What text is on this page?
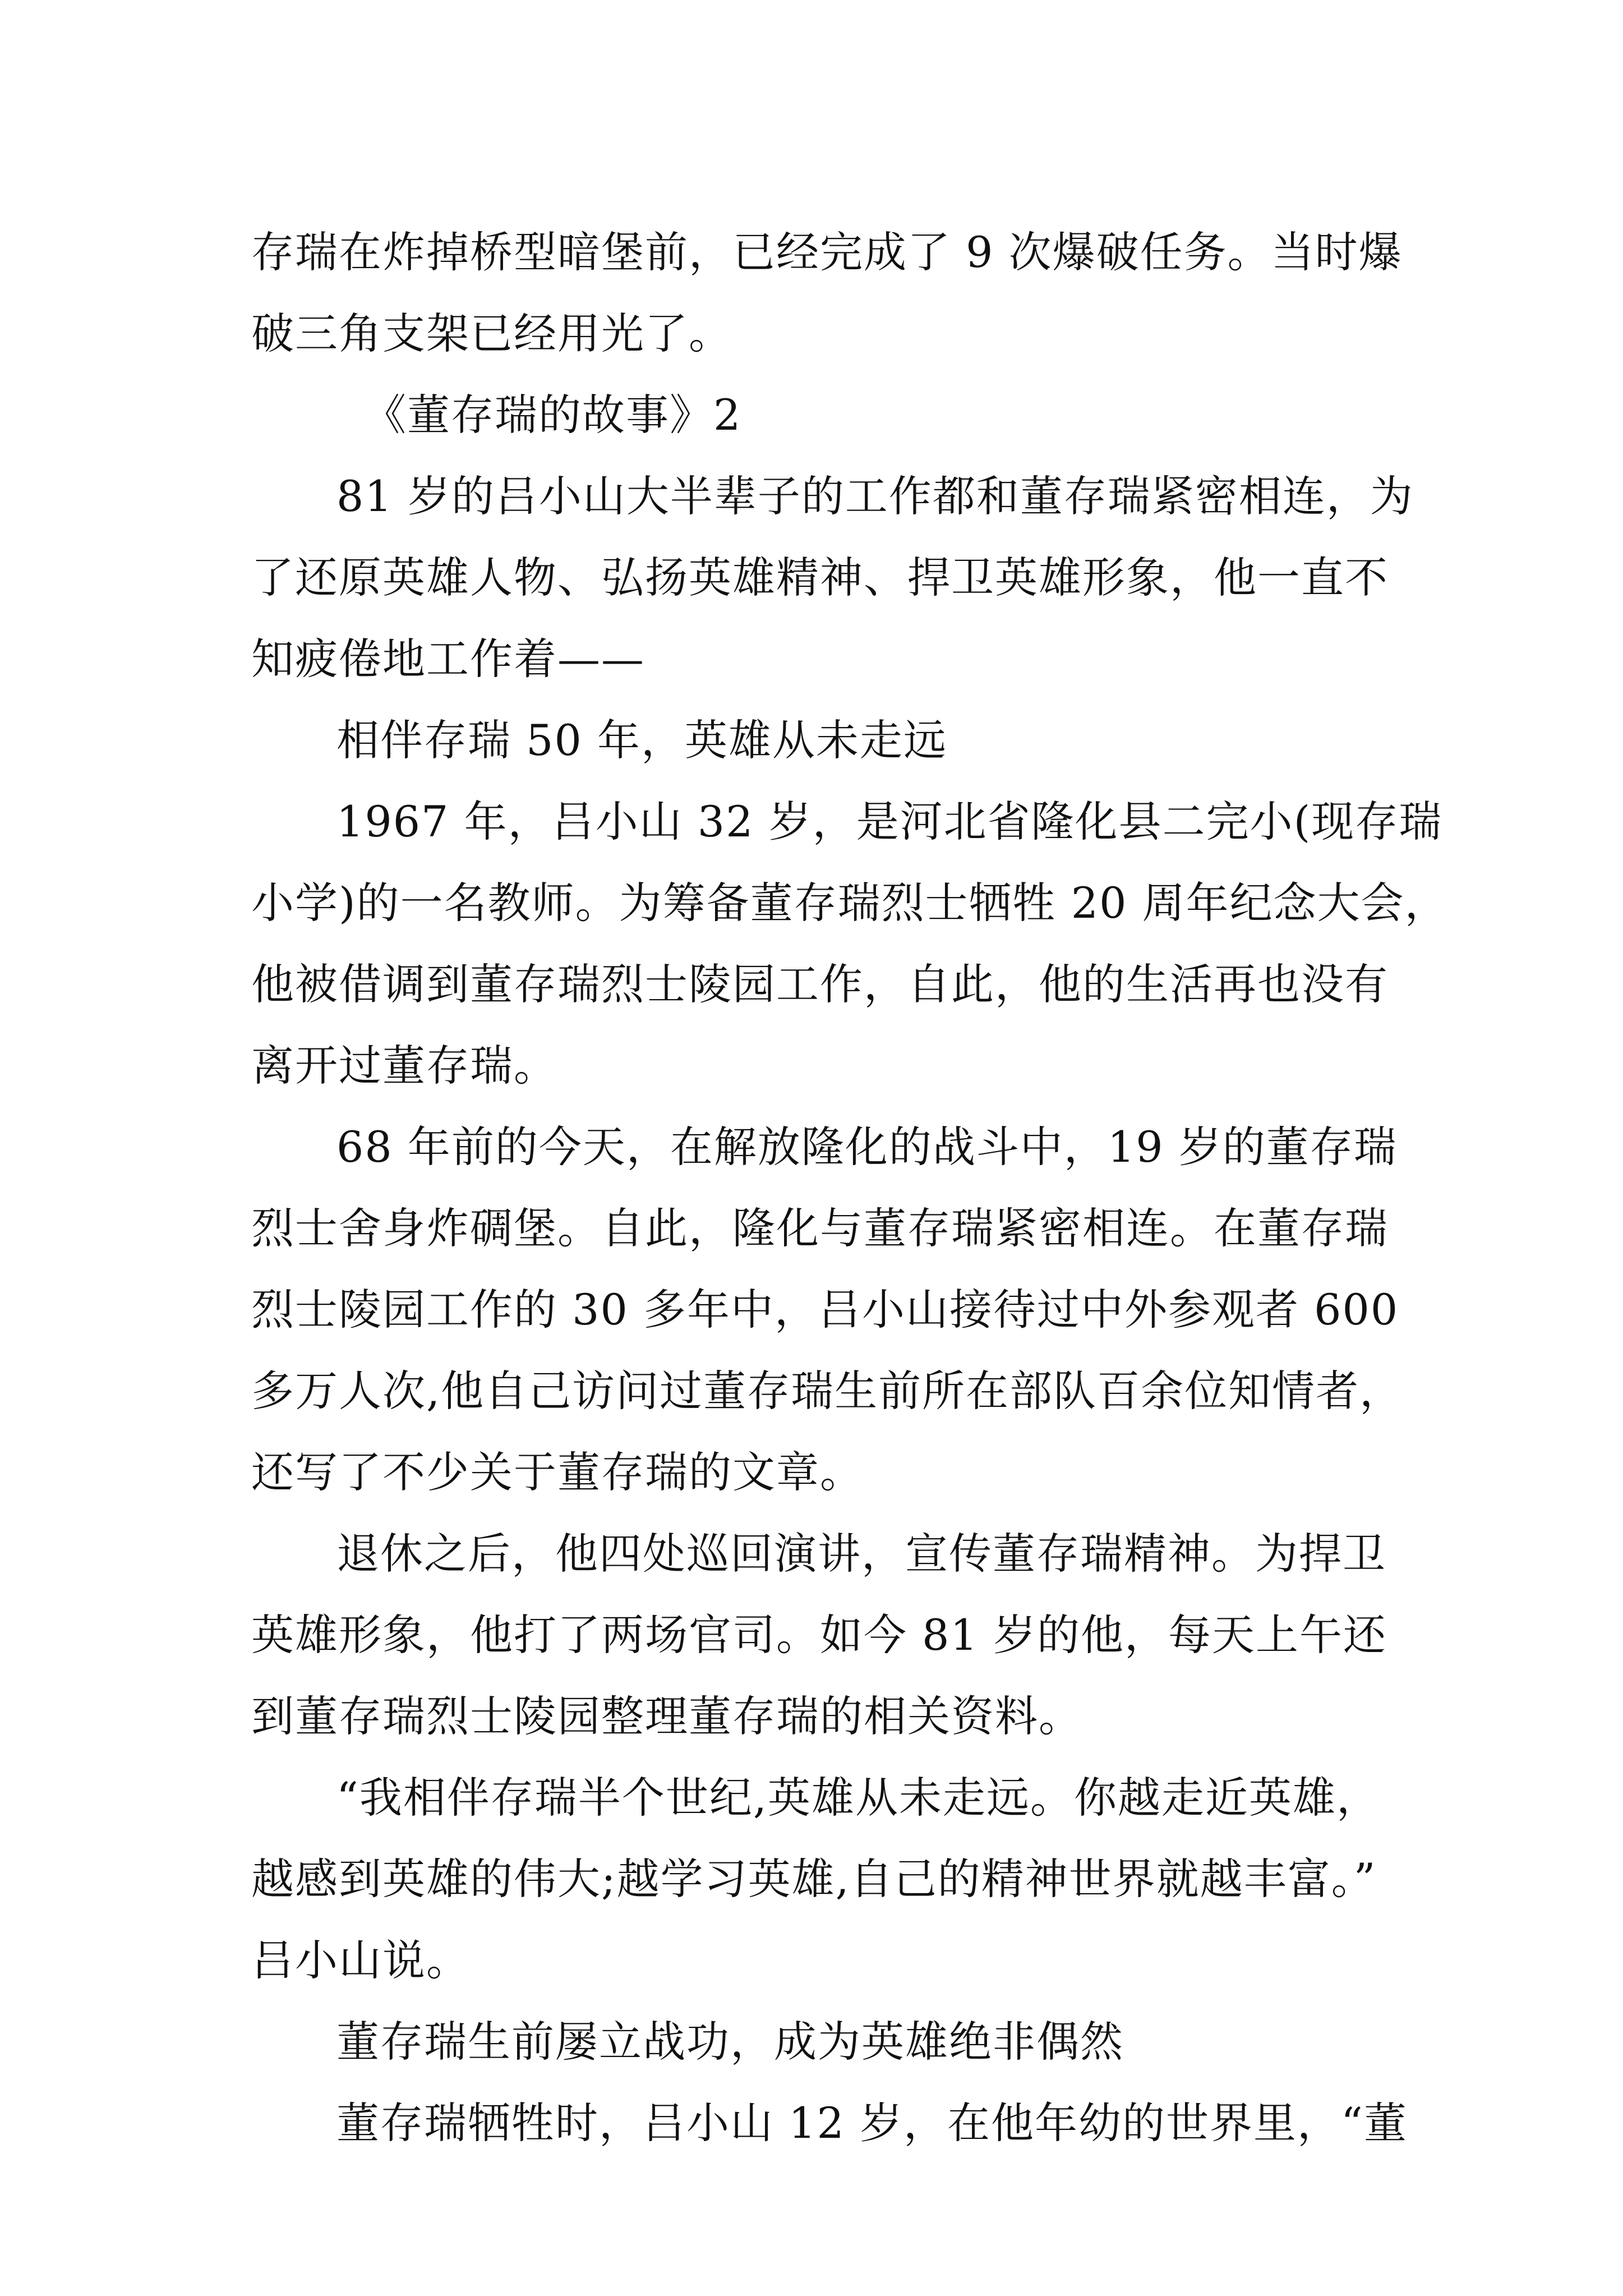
存瑞在炸掉桥型暗堡前，已经完成了 9 次爆破任务。当时爆
破三角支架已经用光了。
《董存瑞的故事》2
81 岁的吕小山大半辈子的工作都和董存瑞紧密相连，为
了还原英雄人物、弘扬英雄精神、捍卫英雄形象，他一直不
知疲倦地工作着——
相伴存瑞 50 年，英雄从未走远
1967 年，吕小山 32 岁，是河北省隆化县二完小(现存瑞
小学)的一名教师。为筹备董存瑞烈士牺牲 20 周年纪念大会，
他被借调到董存瑞烈士陵园工作，自此，他的生活再也没有
离开过董存瑞。
68 年前的今天，在解放隆化的战斗中，19 岁的董存瑞
烈士舍身炸碉堡。自此，隆化与董存瑞紧密相连。在董存瑞
烈士陵园工作的 30 多年中，吕小山接待过中外参观者 600
多万人次,他自己访问过董存瑞生前所在部队百余位知情者，
还写了不少关于董存瑞的文章。
退休之后，他四处巡回演讲，宣传董存瑞精神。为捍卫
英雄形象，他打了两场官司。如今 81 岁的他，每天上午还
到董存瑞烈士陵园整理董存瑞的相关资料。
“我相伴存瑞半个世纪,英雄从未走远。你越走近英雄，
越感到英雄的伟大;越学习英雄,自己的精神世界就越丰富。”
吕小山说。
董存瑞生前屡立战功，成为英雄绝非偶然
董存瑞牺牲时，吕小山 12 岁，在他年幼的世界里，“董
